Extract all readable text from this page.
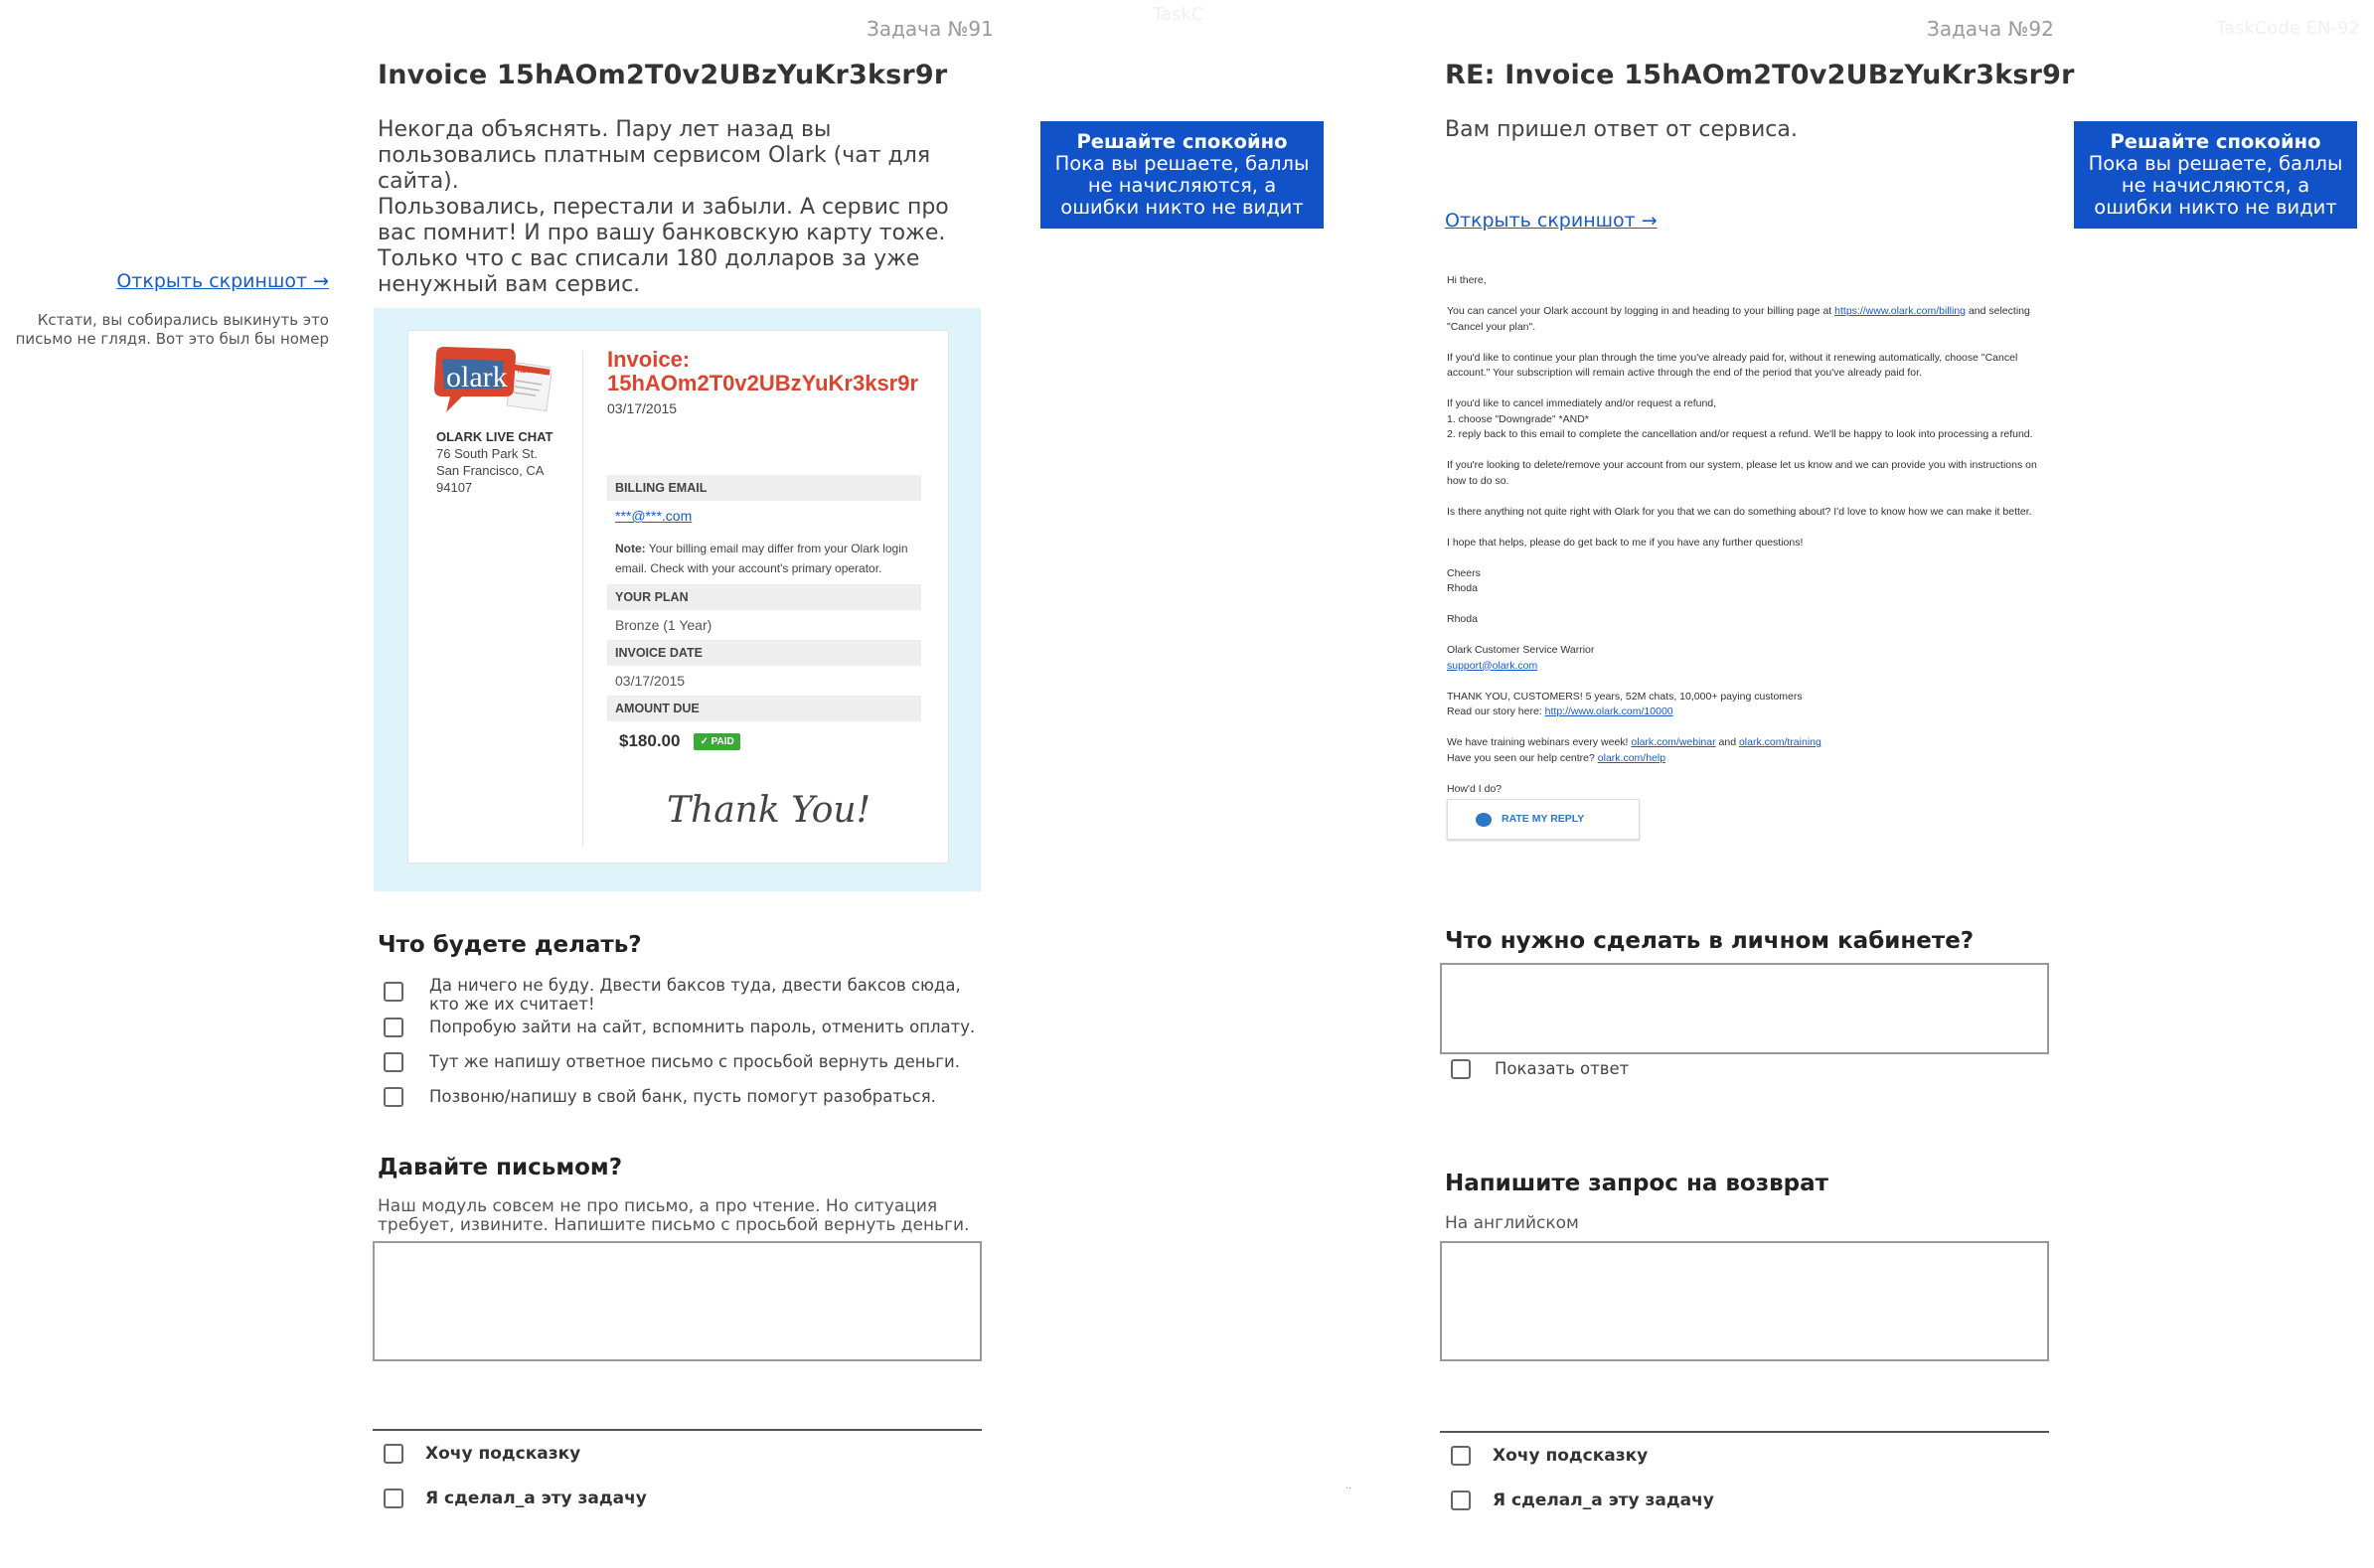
Задача №91
TaskC
Invoice 15hAOm2T0v2UBzYuKr3ksr9r
Некогда объяснять. Пару лет назад вы пользовались платным сервисом Olark (чат для сайта).
Пользовались, перестали и забыли. А сервис про вас помнит! И про вашу банковскую карту тоже. Только что с вас списали 180 долларов за уже ненужный вам сервис.
Открыть скриншот →
Кстати, вы собирались выкинуть это письмо не глядя. Вот это был бы номер
Решайте спокойно
Пока вы решаете, баллы не начисляются, а ошибки никто не видит
olark RECEIPT
OLARK LIVE CHAT
76 South Park St.
San Francisco, CA
94107
Invoice:
15hAOm2T0v2UBzYuKr3ksr9r
03/17/2015
BILLING EMAIL
***@***.com
Note: Your billing email may differ from your Olark login email. Check with your account's primary operator.
YOUR PLAN
Bronze (1 Year)
INVOICE DATE
03/17/2015
AMOUNT DUE
$180.00	✓ PAID
Thank You!
Что будете делать?
Да ничего не буду. Двести баксов туда, двести баксов сюда, кто же их считает!
Попробую зайти на сайт, вспомнить пароль, отменить оплату.
Тут же напишу ответное письмо с просьбой вернуть деньги.
Позвоню/напишу в свой банк, пусть помогут разобраться.
Давайте письмом?
Наш модуль совсем не про письмо, а про чтение. Но ситуация требует, извините. Напишите письмо с просьбой вернуть деньги.
Хочу подсказку
Я сделал_а эту задачу
Задача №92	TaskCode EN-92
RE: Invoice 15hAOm2T0v2UBzYuKr3ksr9r
Вам пришел ответ от сервиса.
Открыть скриншот →
Решайте спокойно
Пока вы решаете, баллы не начисляются, а ошибки никто не видит

Hi there,

You can cancel your Olark account by logging in and heading to your billing page at https://www.olark.com/billing and selecting "Cancel your plan".

If you'd like to continue your plan through the time you've already paid for, without it renewing automatically, choose "Cancel account." Your subscription will remain active through the end of the period that you've already paid for.

If you'd like to cancel immediately and/or request a refund,
1. choose "Downgrade" *AND*
2. reply back to this email to complete the cancellation and/or request a refund. We'll be happy to look into processing a refund.

If you're looking to delete/remove your account from our system, please let us know and we can provide you with instructions on how to do so.

Is there anything not quite right with Olark for you that we can do something about? I'd love to know how we can make it better.

I hope that helps, please do get back to me if you have any further questions!

Cheers
Rhoda

Rhoda

Olark Customer Service Warrior
support@olark.com

THANK YOU, CUSTOMERS! 5 years, 52M chats, 10,000+ paying customers
Read our story here: http://www.olark.com/10000

We have training webinars every week! olark.com/webinar and olark.com/training
Have you seen our help centre? olark.com/help

How'd I do?
RATE MY REPLY
Что нужно сделать в личном кабинете?
Показать ответ
Напишите запрос на возврат
На английском
..
Хочу подсказку
Я сделал_а эту задачу
